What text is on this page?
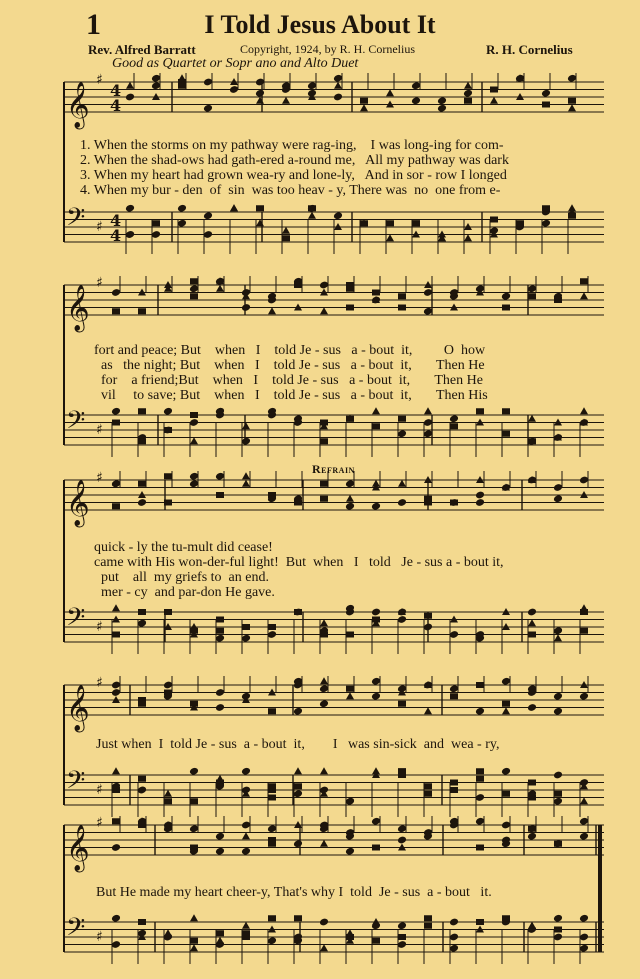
1	I Told Jesus About It
Rev. Alfred Barratt	Copyright, 1924, by R. H. Cornelius	R. H. Cornelius
Good as Quartet or Sopr ano and Alto Duet
𝄞
♯
𝄢 ♯
4
4
4
4
𝄞
♯
𝄢 ♯
𝄞
♯
𝄢 ♯
𝄞
♯
𝄢 ♯
𝄞
♯
𝄢 ♯
1. When the storms on my pathway were rag-ing,    I was long-ing for com-
2. When the shad-ows had gath-ered a-round me,   All my pathway was dark
3. When my heart had grown wea-ry and lone-ly,   And in sor - row I longed
4. When my bur - den  of  sin  was too heav - y, There was  no  one from e-
fort and peace; But    when   I    told Je - sus   a - bout  it,         O  how
as   the night; But    when   I    told Je - sus   a - bout  it,       Then He
for    a friend;But    when   I    told Je - sus   a - bout  it,       Then He
vil     to save; But    when   I    told Je - sus   a - bout  it,       Then His
quick - ly the tu-mult did cease!
came with His won-der-ful light!  But  when   I   told   Je - sus a - bout it,
put    all  my griefs to  an end.
mer - cy  and par-don He gave.
Just when  I  told Je - sus  a - bout  it,        I   was sin-sick  and  wea - ry,
But He made my heart cheer-y, That's why I  told  Je - sus  a - bout   it.
Refrain
